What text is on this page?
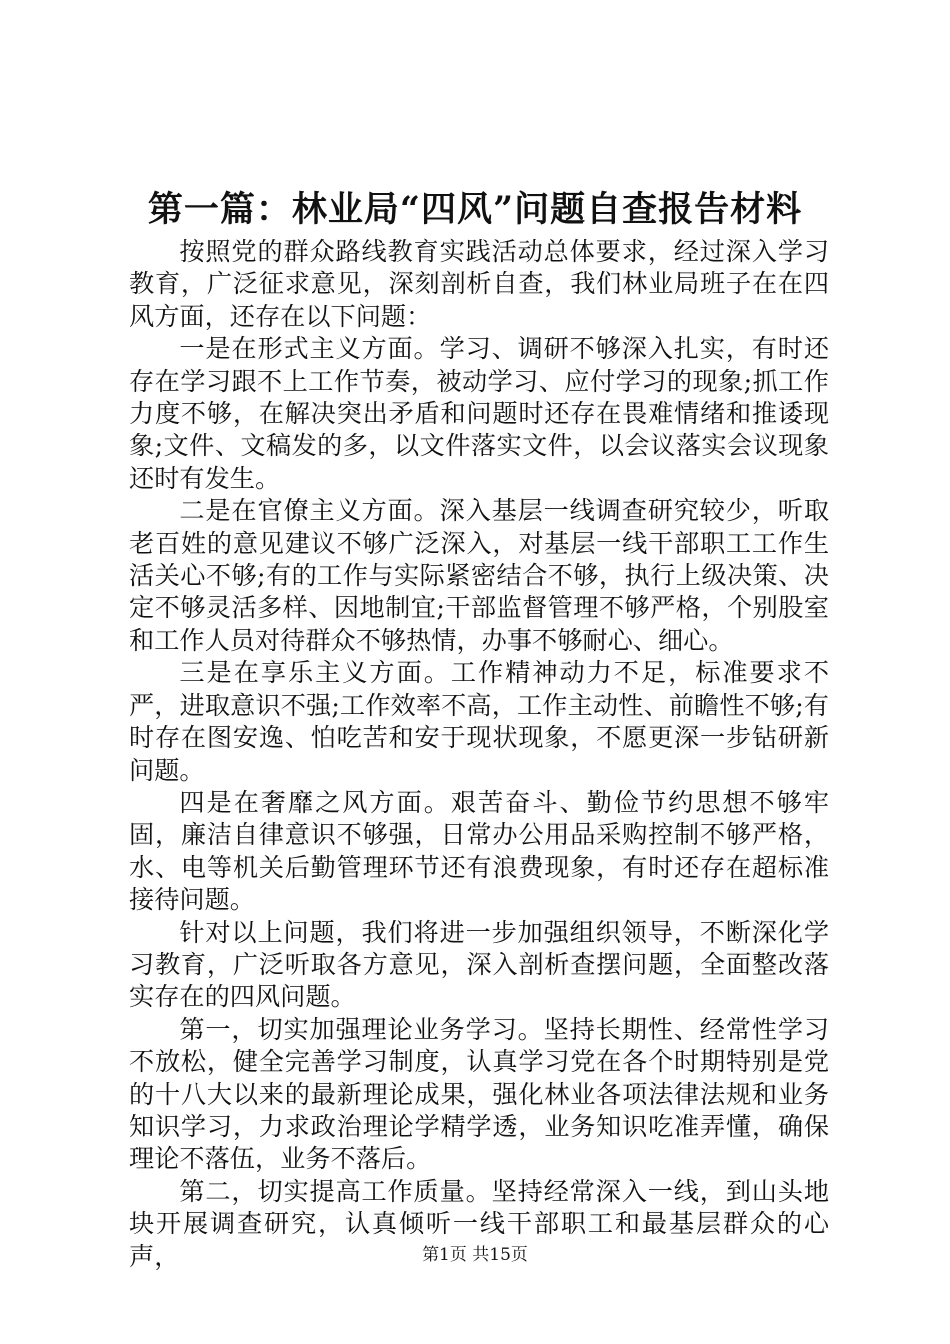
第一篇：林业局“四风”问题自查报告材料

按照党的群众路线教育实践活动总体要求，经过深入学习教育，广泛征求意见，深刻剖析自查，我们林业局班子在在四风方面，还存在以下问题：

一是在形式主义方面。学习、调研不够深入扎实，有时还存在学习跟不上工作节奏，被动学习、应付学习的现象;抓工作力度不够，在解决突出矛盾和问题时还存在畏难情绪和推诿现象;文件、文稿发的多，以文件落实文件，以会议落实会议现象还时有发生。

二是在官僚主义方面。深入基层一线调查研究较少，听取老百姓的意见建议不够广泛深入，对基层一线干部职工工作生活关心不够;有的工作与实际紧密结合不够，执行上级决策、决定不够灵活多样、因地制宜;干部监督管理不够严格，个别股室和工作人员对待群众不够热情，办事不够耐心、细心。

三是在享乐主义方面。工作精神动力不足，标准要求不严，进取意识不强;工作效率不高，工作主动性、前瞻性不够;有时存在图安逸、怕吃苦和安于现状现象，不愿更深一步钻研新问题。

四是在奢靡之风方面。艰苦奋斗、勤俭节约思想不够牢固，廉洁自律意识不够强，日常办公用品采购控制不够严格，水、电等机关后勤管理环节还有浪费现象，有时还存在超标准接待问题。

针对以上问题，我们将进一步加强组织领导，不断深化学习教育，广泛听取各方意见，深入剖析查摆问题，全面整改落实存在的四风问题。

第一，切实加强理论业务学习。坚持长期性、经常性学习不放松，健全完善学习制度，认真学习党在各个时期特别是党的十八大以来的最新理论成果，强化林业各项法律法规和业务知识学习，力求政治理论学精学透，业务知识吃准弄懂，确保理论不落伍，业务不落后。

第二，切实提高工作质量。坚持经常深入一线，到山头地块开展调查研究，认真倾听一线干部职工和最基层群众的心声，	第1页 共15页
